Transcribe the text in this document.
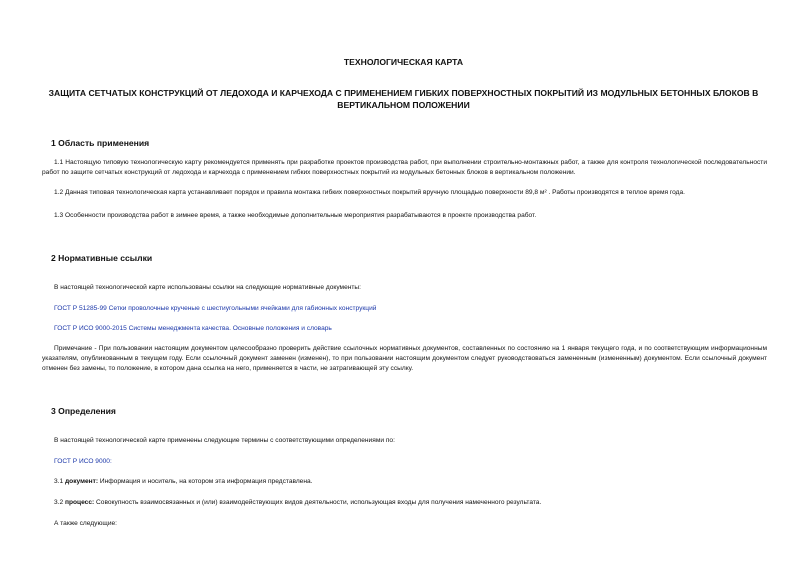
ТЕХНОЛОГИЧЕСКАЯ КАРТА
ЗАЩИТА СЕТЧАТЫХ КОНСТРУКЦИЙ ОТ ЛЕДОХОДА И КАРЧЕХОДА С ПРИМЕНЕНИЕМ ГИБКИХ ПОВЕРХНОСТНЫХ ПОКРЫТИЙ ИЗ МОДУЛЬНЫХ БЕТОННЫХ БЛОКОВ В ВЕРТИКАЛЬНОМ ПОЛОЖЕНИИ
1 Область применения
1.1 Настоящую типовую технологическую карту рекомендуется применять при разработке проектов производства работ, при выполнении строительно-монтажных работ, а также для контроля технологической последовательности работ по защите сетчатых конструкций от ледохода и карчехода с применением гибких поверхностных покрытий из модульных бетонных блоков в вертикальном положении.
1.2 Данная типовая технологическая карта устанавливает порядок и правила монтажа гибких поверхностных покрытий вручную площадью поверхности 89,8 м² . Работы производятся в теплое время года.
1.3 Особенности производства работ в зимнее время, а также необходимые дополнительные мероприятия разрабатываются в проекте производства работ.
2 Нормативные ссылки
В настоящей технологической карте использованы ссылки на следующие нормативные документы:
ГОСТ Р 51285-99 Сетки проволочные крученые с шестиугольными ячейками для габионных конструкций
ГОСТ Р ИСО 9000-2015 Системы менеджмента качества. Основные положения и словарь
Примечание - При пользовании настоящим документом целесообразно проверить действие ссылочных нормативных документов, составленных по состоянию на 1 января текущего года, и по соответствующим информационным указателям, опубликованным в текущем году. Если ссылочный документ заменен (изменен), то при пользовании настоящим документом следует руководствоваться замененным (измененным) документом. Если ссылочный документ отменен без замены, то положение, в котором дана ссылка на него, применяется в части, не затрагивающей эту ссылку.
3 Определения
В настоящей технологической карте применены следующие термины с соответствующими определениями по:
ГОСТ Р ИСО 9000:
3.1 документ: Информация и носитель, на котором эта информация представлена.
3.2 процесс: Совокупность взаимосвязанных и (или) взаимодействующих видов деятельности, использующая входы для получения намеченного результата.
А также следующие:
